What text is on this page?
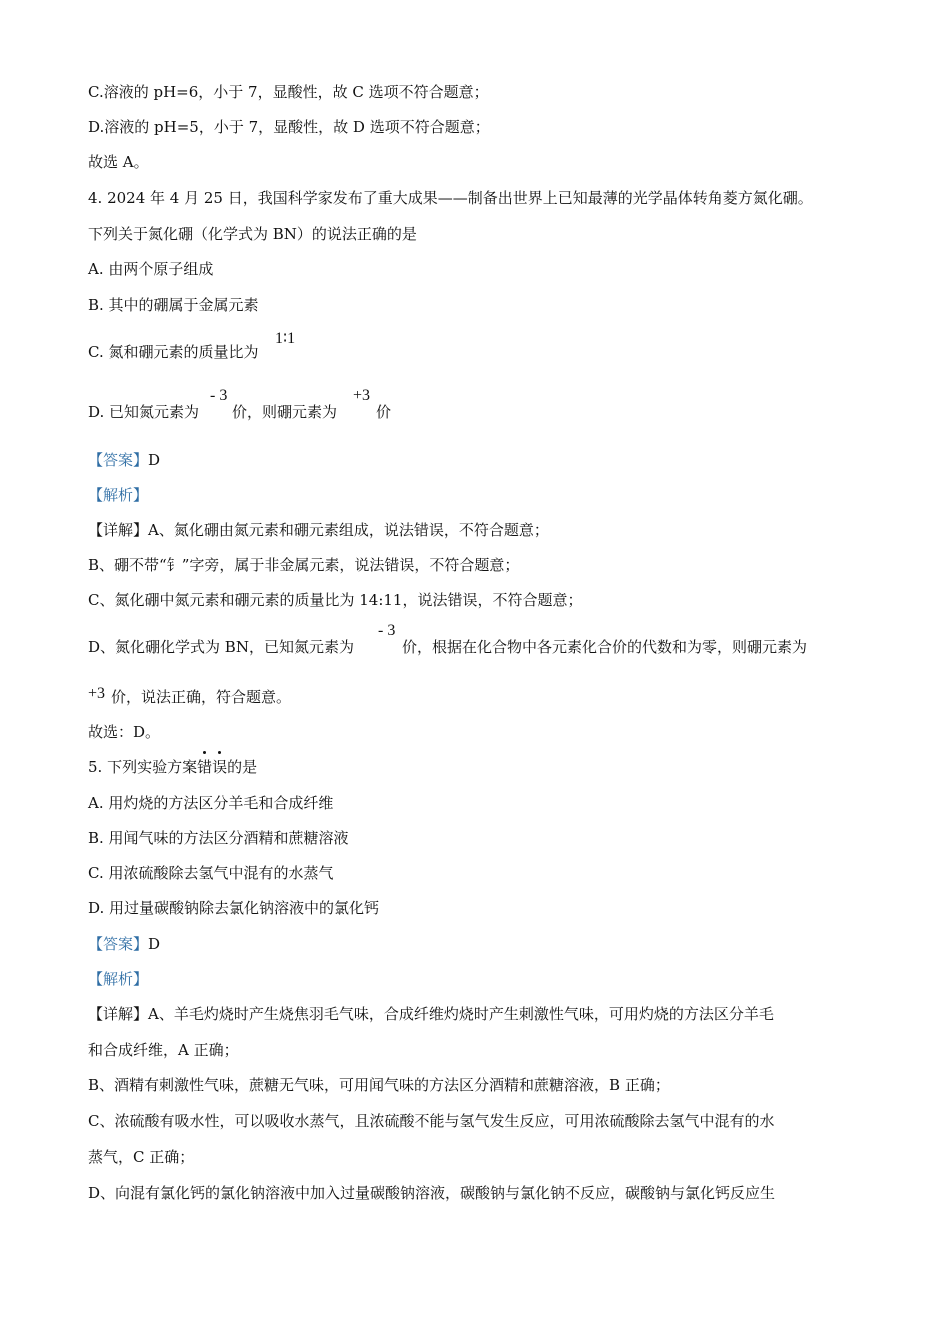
C.溶液的 pH=6，小于 7，显酸性，故 C 选项不符合题意；
D.溶液的 pH=5，小于 7，显酸性，故 D 选项不符合题意；
故选 A。
4. 2024 年 4 月 25 日，我国科学家发布了重大成果——制备出世界上已知最薄的光学晶体转角菱方氮化硼。
下列关于氮化硼（化学式为 BN）的说法正确的是
A. 由两个原子组成
B. 其中的硼属于金属元素
C. 氮和硼元素的质量比为
1∶1
D. 已知氮元素为
- 3
价，则硼元素为
+3
价
【答案】D
【解析】
【详解】A、氮化硼由氮元素和硼元素组成，说法错误，不符合题意；
B、硼不带“钅”字旁，属于非金属元素，说法错误，不符合题意；
C、氮化硼中氮元素和硼元素的质量比为 14:11，说法错误，不符合题意；
D、氮化硼化学式为 BN，已知氮元素为
- 3
价，根据在化合物中各元素化合价的代数和为零，则硼元素为
+3 价，说法正确，符合题意。
故选：D。
5. 下列实验方案错误的是
A. 用灼烧的方法区分羊毛和合成纤维
B. 用闻气味的方法区分酒精和蔗糖溶液
C. 用浓硫酸除去氢气中混有的水蒸气
D. 用过量碳酸钠除去氯化钠溶液中的氯化钙
【答案】D
【解析】
【详解】A、羊毛灼烧时产生烧焦羽毛气味，合成纤维灼烧时产生刺激性气味，可用灼烧的方法区分羊毛
和合成纤维，A 正确；
B、酒精有刺激性气味，蔗糖无气味，可用闻气味的方法区分酒精和蔗糖溶液，B 正确；
C、浓硫酸有吸水性，可以吸收水蒸气，且浓硫酸不能与氢气发生反应，可用浓硫酸除去氢气中混有的水
蒸气，C 正确；
D、向混有氯化钙的氯化钠溶液中加入过量碳酸钠溶液，碳酸钠与氯化钠不反应，碳酸钠与氯化钙反应生
